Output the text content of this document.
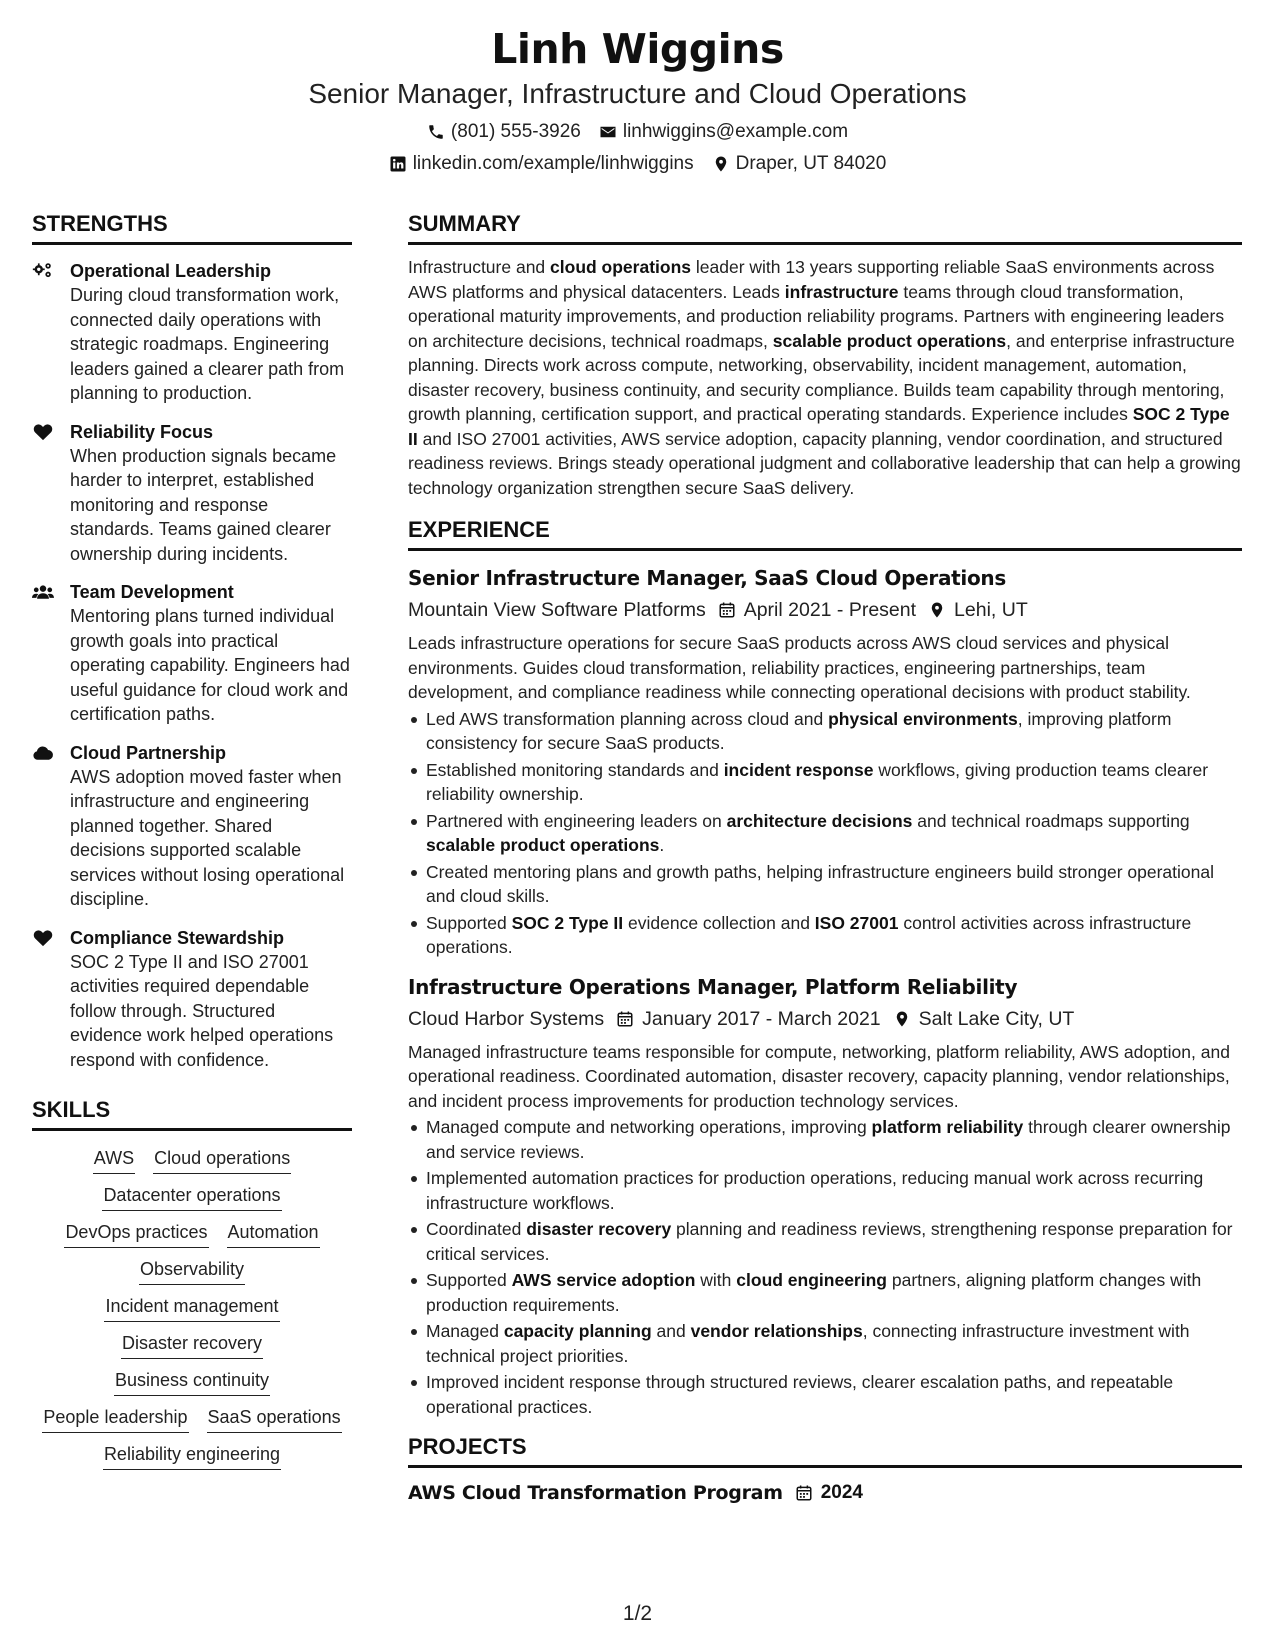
Linh Wiggins
Senior Manager, Infrastructure and Cloud Operations
(801) 555-3926 linhwiggins@example.com
linkedin.com/example/linhwiggins Draper, UT 84020
STRENGTHS
Operational Leadership
During cloud transformation work, connected daily operations with strategic roadmaps. Engineering leaders gained a clearer path from planning to production.
Reliability Focus
When production signals became harder to interpret, established monitoring and response standards. Teams gained clearer ownership during incidents.
Team Development
Mentoring plans turned individual growth goals into practical operating capability. Engineers had useful guidance for cloud work and certification paths.
Cloud Partnership
AWS adoption moved faster when infrastructure and engineering planned together. Shared decisions supported scalable services without losing operational discipline.
Compliance Stewardship
SOC 2 Type II and ISO 27001 activities required dependable follow through. Structured evidence work helped operations respond with confidence.
SKILLS
AWS Cloud operations
Datacenter operations
DevOps practices Automation
Observability
Incident management
Disaster recovery
Business continuity
People leadership SaaS operations
Reliability engineering
SUMMARY
Infrastructure and cloud operations leader with 13 years supporting reliable SaaS environments across AWS platforms and physical datacenters. Leads infrastructure teams through cloud transformation, operational maturity improvements, and production reliability programs. Partners with engineering leaders on architecture decisions, technical roadmaps, scalable product operations, and enterprise infrastructure planning. Directs work across compute, networking, observability, incident management, automation, disaster recovery, business continuity, and security compliance. Builds team capability through mentoring, growth planning, certification support, and practical operating standards. Experience includes SOC 2 Type II and ISO 27001 activities, AWS service adoption, capacity planning, vendor coordination, and structured readiness reviews. Brings steady operational judgment and collaborative leadership that can help a growing technology organization strengthen secure SaaS delivery.
EXPERIENCE
Senior Infrastructure Manager, SaaS Cloud Operations
Mountain View Software Platforms April 2021 - Present Lehi, UT
Leads infrastructure operations for secure SaaS products across AWS cloud services and physical environments. Guides cloud transformation, reliability practices, engineering partnerships, team development, and compliance readiness while connecting operational decisions with product stability.
Led AWS transformation planning across cloud and physical environments, improving platform consistency for secure SaaS products.
Established monitoring standards and incident response workflows, giving production teams clearer reliability ownership.
Partnered with engineering leaders on architecture decisions and technical roadmaps supporting scalable product operations.
Created mentoring plans and growth paths, helping infrastructure engineers build stronger operational and cloud skills.
Supported SOC 2 Type II evidence collection and ISO 27001 control activities across infrastructure operations.
Infrastructure Operations Manager, Platform Reliability
Cloud Harbor Systems January 2017 - March 2021 Salt Lake City, UT
Managed infrastructure teams responsible for compute, networking, platform reliability, AWS adoption, and operational readiness. Coordinated automation, disaster recovery, capacity planning, vendor relationships, and incident process improvements for production technology services.
Managed compute and networking operations, improving platform reliability through clearer ownership and service reviews.
Implemented automation practices for production operations, reducing manual work across recurring infrastructure workflows.
Coordinated disaster recovery planning and readiness reviews, strengthening response preparation for critical services.
Supported AWS service adoption with cloud engineering partners, aligning platform changes with production requirements.
Managed capacity planning and vendor relationships, connecting infrastructure investment with technical project priorities.
Improved incident response through structured reviews, clearer escalation paths, and repeatable operational practices.
PROJECTS
AWS Cloud Transformation Program 2024
1/2
